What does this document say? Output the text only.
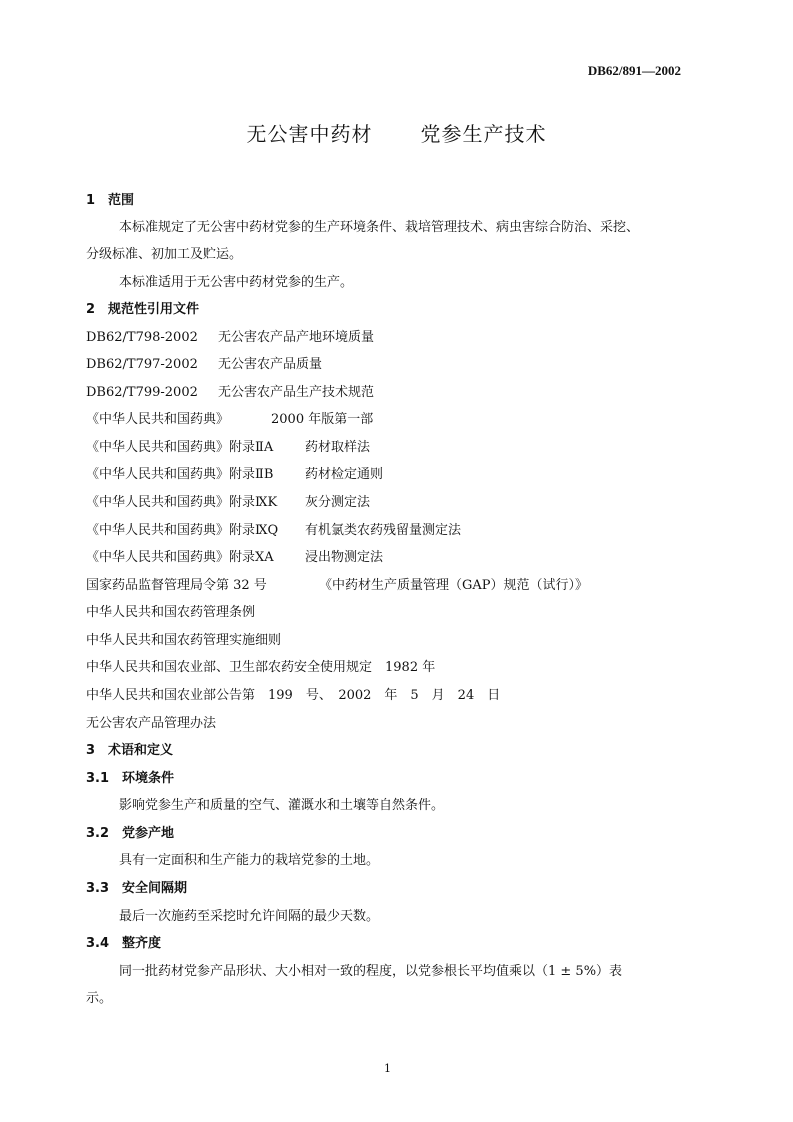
DB62/891—2002
无公害中药材 党参生产技术
1　范围
本标准规定了无公害中药材党参的生产环境条件、栽培管理技术、病虫害综合防治、采挖、
分级标准、初加工及贮运。
本标准适用于无公害中药材党参的生产。
2　规范性引用文件
DB62/T798-2002 无公害农产品产地环境质量
DB62/T797-2002 无公害农产品质量
DB62/T799-2002 无公害农产品生产技术规范
《中华人民共和国药典》	2000 年版第一部
《中华人民共和国药典》附录ⅡA 药材取样法
《中华人民共和国药典》附录ⅡB 药材检定通则
《中华人民共和国药典》附录ⅨK 灰分测定法
《中华人民共和国药典》附录ⅨQ 有机氯类农药残留量测定法
《中华人民共和国药典》附录ⅩA 浸出物测定法
国家药品监督管理局令第 32 号	《中药材生产质量管理（GAP）规范（试行）》
中华人民共和国农药管理条例
中华人民共和国农药管理实施细则
中华人民共和国农业部、卫生部农药安全使用规定　1982 年
中华人民共和国农业部公告第　199　号、　2002　年　5　月　24　日
无公害农产品管理办法
3　术语和定义
3.1　 环境条件
影响党参生产和质量的空气、灌溉水和土壤等自然条件。
3.2　 党参产地
具有一定面积和生产能力的栽培党参的土地。
3.3　 安全间隔期
最后一次施药至采挖时允许间隔的最少天数。
3.4　 整齐度
同一批药材党参产品形状、大小相对一致的程度，以党参根长平均值乘以（1 ± 5%）表
示。
1
